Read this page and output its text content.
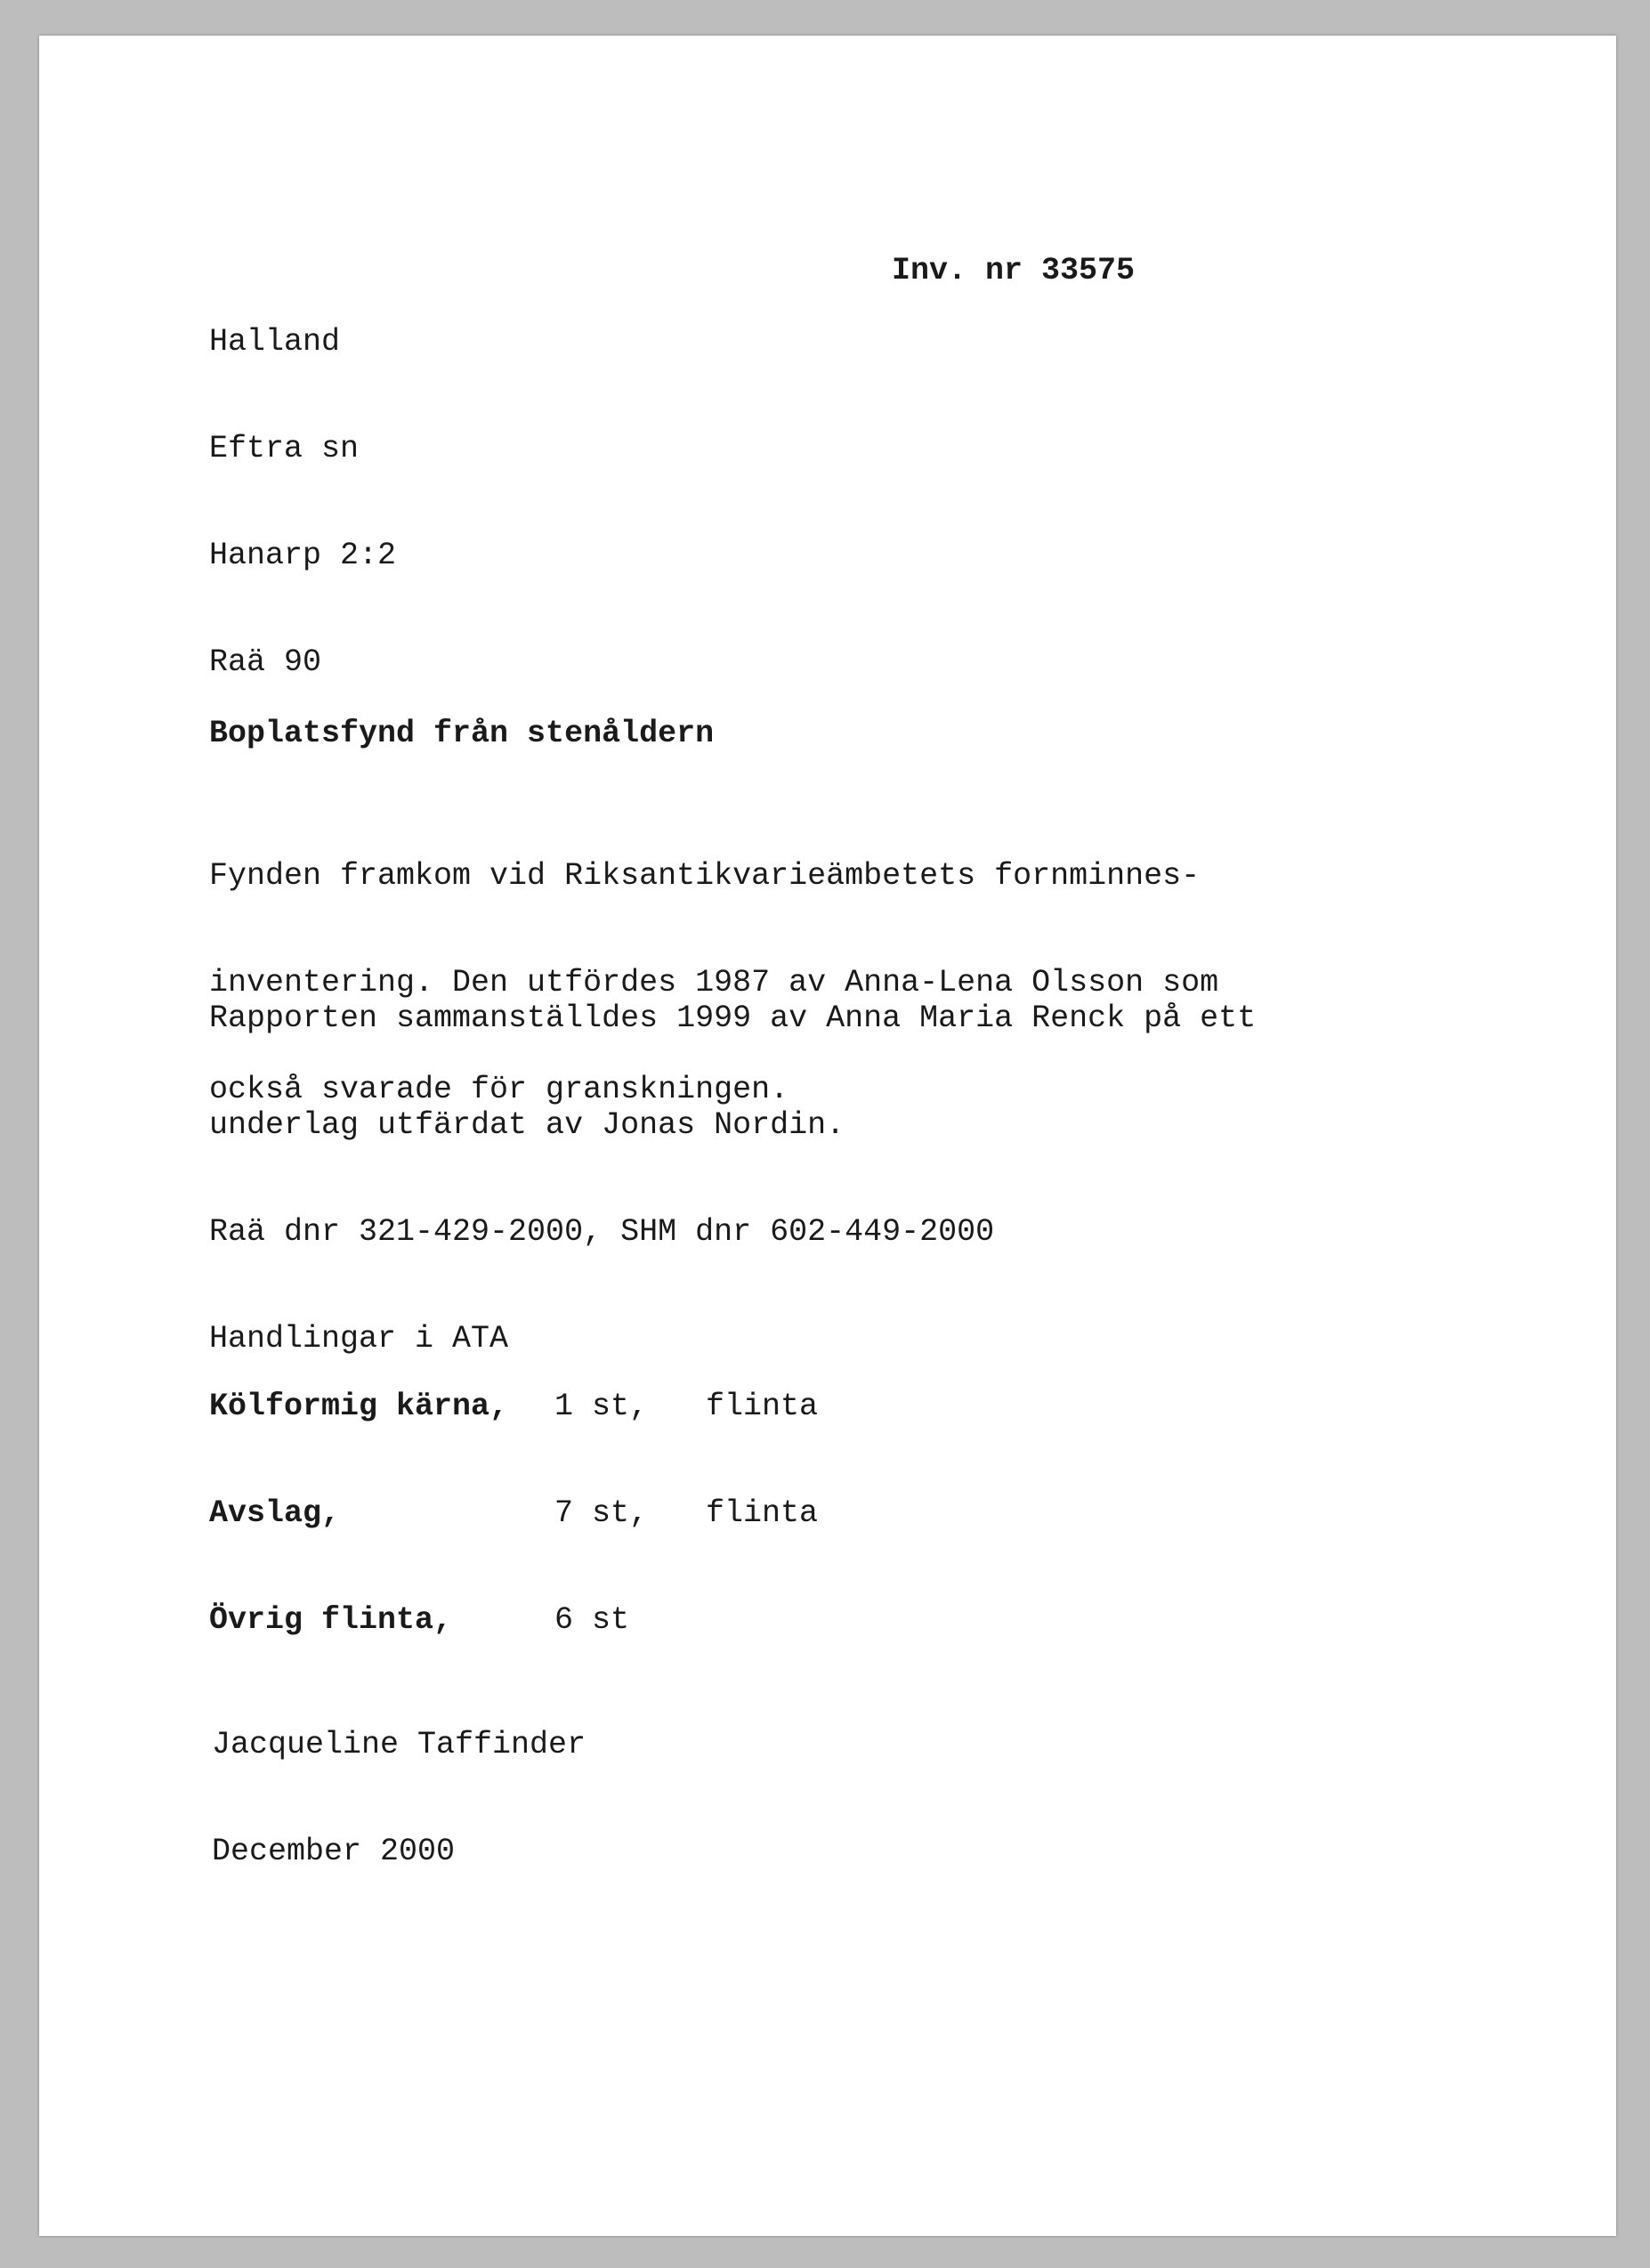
Halland

Eftra sn

Hanarp 2:2

Raä 90

Inv. nr 33575
Boplatsfynd från stenåldern

Fynden framkom vid Riksantikvarieämbetets fornminnes-

inventering. Den utfördes 1987 av Anna-Lena Olsson som

också svarade för granskningen.

Rapporten sammanställdes 1999 av Anna Maria Renck på ett

underlag utfärdat av Jonas Nordin.

Raä dnr 321-429-2000, SHM dnr 602-449-2000

Handlingar i ATA

Kölformig kärna,

1 st,

flinta

Avslag,

	7 st,

flinta

Övrig flinta,

	6 st

Jacqueline Taffinder

December 2000
